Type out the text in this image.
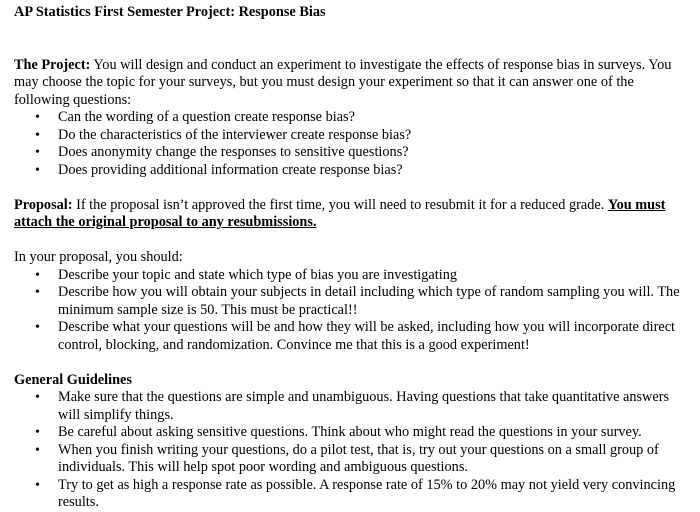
AP Statistics First Semester Project: Response Bias

The Project: You will design and conduct an experiment to investigate the effects of response bias in surveys. You may choose the topic for your surveys, but you must design your experiment so that it can answer one of the following questions:

• Can the wording of a question create response bias?
• Do the characteristics of the interviewer create response bias?
• Does anonymity change the responses to sensitive questions?
• Does providing additional information create response bias?

Proposal: If the proposal isn’t approved the first time, you will need to resubmit it for a reduced grade. You must attach the original proposal to any resubmissions.

In your proposal, you should:

• Describe your topic and state which type of bias you are investigating
• Describe how you will obtain your subjects in detail including which type of random sampling you will. The minimum sample size is 50. This must be practical!!
• Describe what your questions will be and how they will be asked, including how you will incorporate direct control, blocking, and randomization. Convince me that this is a good experiment!

General Guidelines

• Make sure that the questions are simple and unambiguous. Having questions that take quantitative answers will simplify things.
• Be careful about asking sensitive questions. Think about who might read the questions in your survey.
• When you finish writing your questions, do a pilot test, that is, try out your questions on a small group of individuals. This will help spot poor wording and ambiguous questions.
• Try to get as high a response rate as possible. A response rate of 15% to 20% may not yield very convincing results.
